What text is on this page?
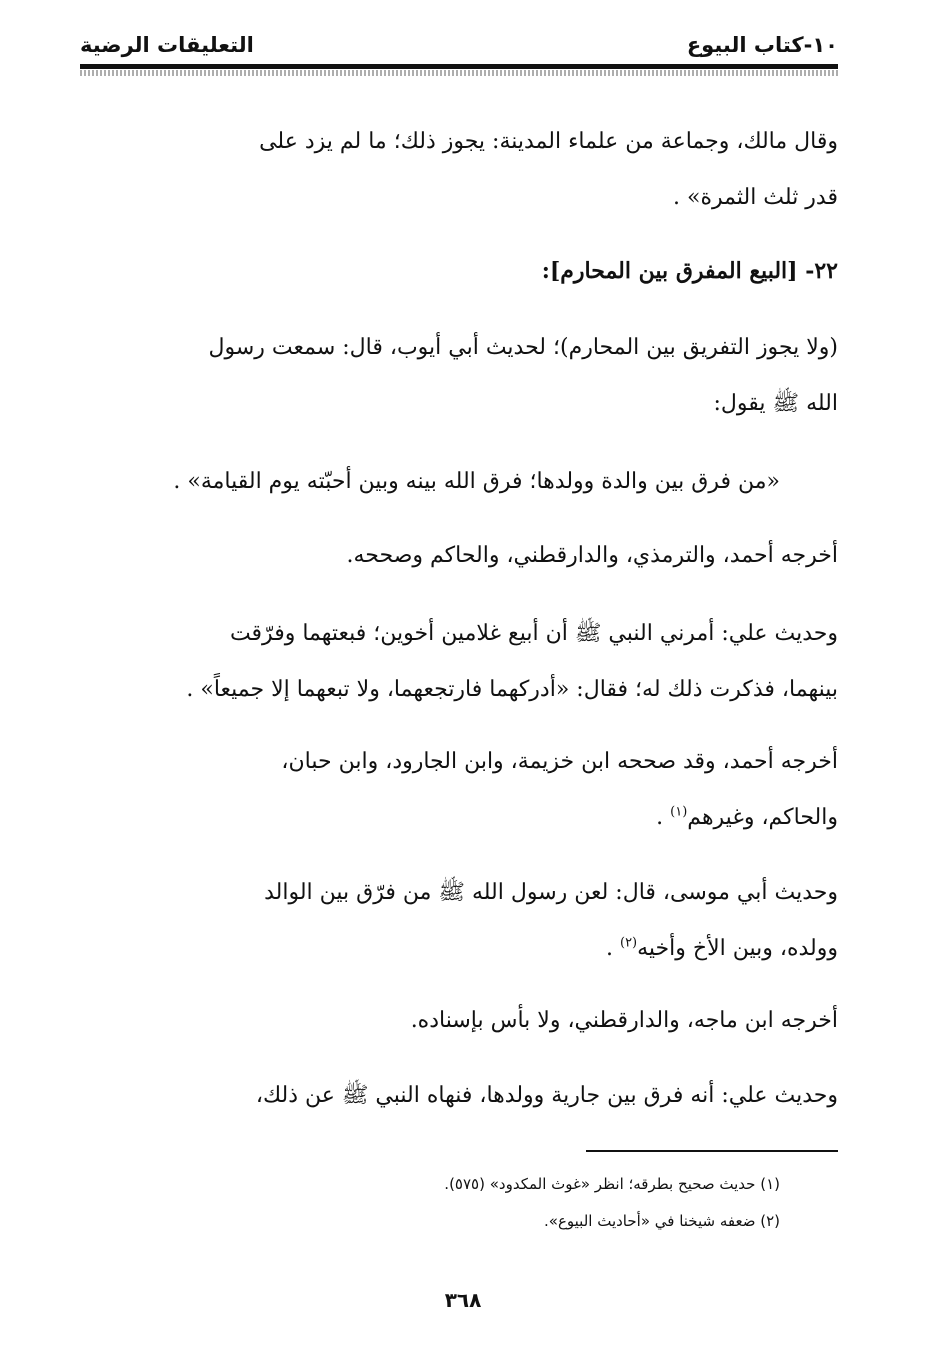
١٠-كتاب البيوع
التعليقات الرضية
وقال مالك، وجماعة من علماء المدينة: يجوز ذلك؛ ما لم يزد على
قدر ثلث الثمرة» .
٢٢- [البيع المفرق بين المحارم]:
(ولا يجوز التفريق بين المحارم)؛ لحديث أبي أيوب، قال: سمعت رسول
الله ﷺ يقول:
«من فرق بين والدة وولدها؛ فرق الله بينه وبين أحبّته يوم القيامة» .
أخرجه أحمد، والترمذي، والدارقطني، والحاكم وصححه.
وحديث علي: أمرني النبي ﷺ أن أبيع غلامين أخوين؛ فبعتهما وفرّقت
بينهما، فذكرت ذلك له؛ فقال: «أدركهما فارتجعهما، ولا تبعهما إلا جميعاً» .
أخرجه أحمد، وقد صححه ابن خزيمة، وابن الجارود، وابن حبان،
والحاكم، وغيرهم$^{(١)}$ .
وحديث أبي موسى، قال: لعن رسول الله ﷺ من فرّق بين الوالد
وولده، وبين الأخ وأخيه$^{(٢)}$ .
أخرجه ابن ماجه، والدارقطني، ولا بأس بإسناده.
وحديث علي: أنه فرق بين جارية وولدها، فنهاه النبي ﷺ عن ذلك،
(١) حديث صحيح بطرقه؛ انظر «غوث المكدود» (٥٧٥).
(٢) ضعفه شيخنا في «أحاديث البيوع».
٣٦٨
